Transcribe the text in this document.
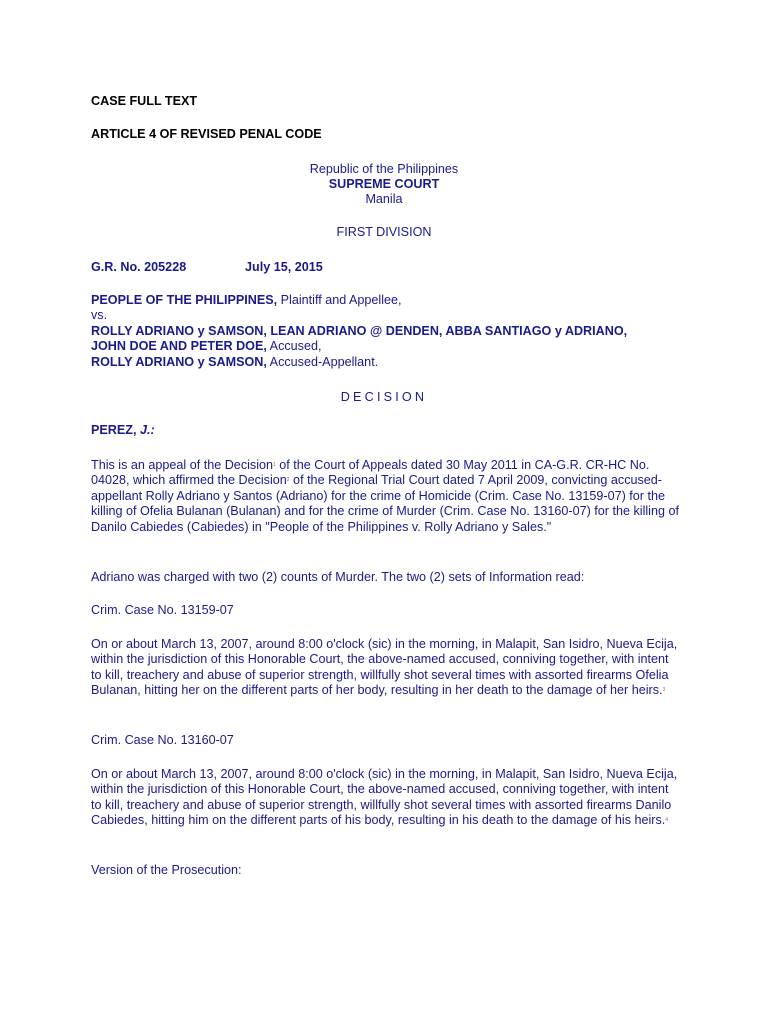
CASE FULL TEXT
ARTICLE 4 OF REVISED PENAL CODE
Republic of the Philippines
SUPREME COURT
Manila
FIRST DIVISION
G.R. No. 205228	July 15, 2015
PEOPLE OF THE PHILIPPINES, Plaintiff and Appellee,
vs.
ROLLY ADRIANO y SAMSON, LEAN ADRIANO @ DENDEN, ABBA SANTIAGO y ADRIANO,
JOHN DOE AND PETER DOE, Accused,
ROLLY ADRIANO y SAMSON, Accused-Appellant.
DECISION
PEREZ, J.:
This is an appeal of the Decision$^1$ of the Court of Appeals dated 30 May 2011 in CA-G.R. CR-HC No. 04028, which affirmed the Decision$^2$ of the Regional Trial Court dated 7 April 2009, convicting accused-appellant Rolly Adriano y Santos (Adriano) for the crime of Homicide (Crim. Case No. 13159-07) for the killing of Ofelia Bulanan (Bulanan) and for the crime of Murder (Crim. Case No. 13160-07) for the killing of Danilo Cabiedes (Cabiedes) in "People of the Philippines v. Rolly Adriano y Sales."
Adriano was charged with two (2) counts of Murder. The two (2) sets of Information read:
Crim. Case No. 13159-07
On or about March 13, 2007, around 8:00 o'clock (sic) in the morning, in Malapit, San Isidro, Nueva Ecija, within the jurisdiction of this Honorable Court, the above-named accused, conniving together, with intent to kill, treachery and abuse of superior strength, willfully shot several times with assorted firearms Ofelia Bulanan, hitting her on the different parts of her body, resulting in her death to the damage of her heirs.$^3$
Crim. Case No. 13160-07
On or about March 13, 2007, around 8:00 o'clock (sic) in the morning, in Malapit, San Isidro, Nueva Ecija, within the jurisdiction of this Honorable Court, the above-named accused, conniving together, with intent to kill, treachery and abuse of superior strength, willfully shot several times with assorted firearms Danilo Cabiedes, hitting him on the different parts of his body, resulting in his death to the damage of his heirs.$^4$
Version of the Prosecution:
